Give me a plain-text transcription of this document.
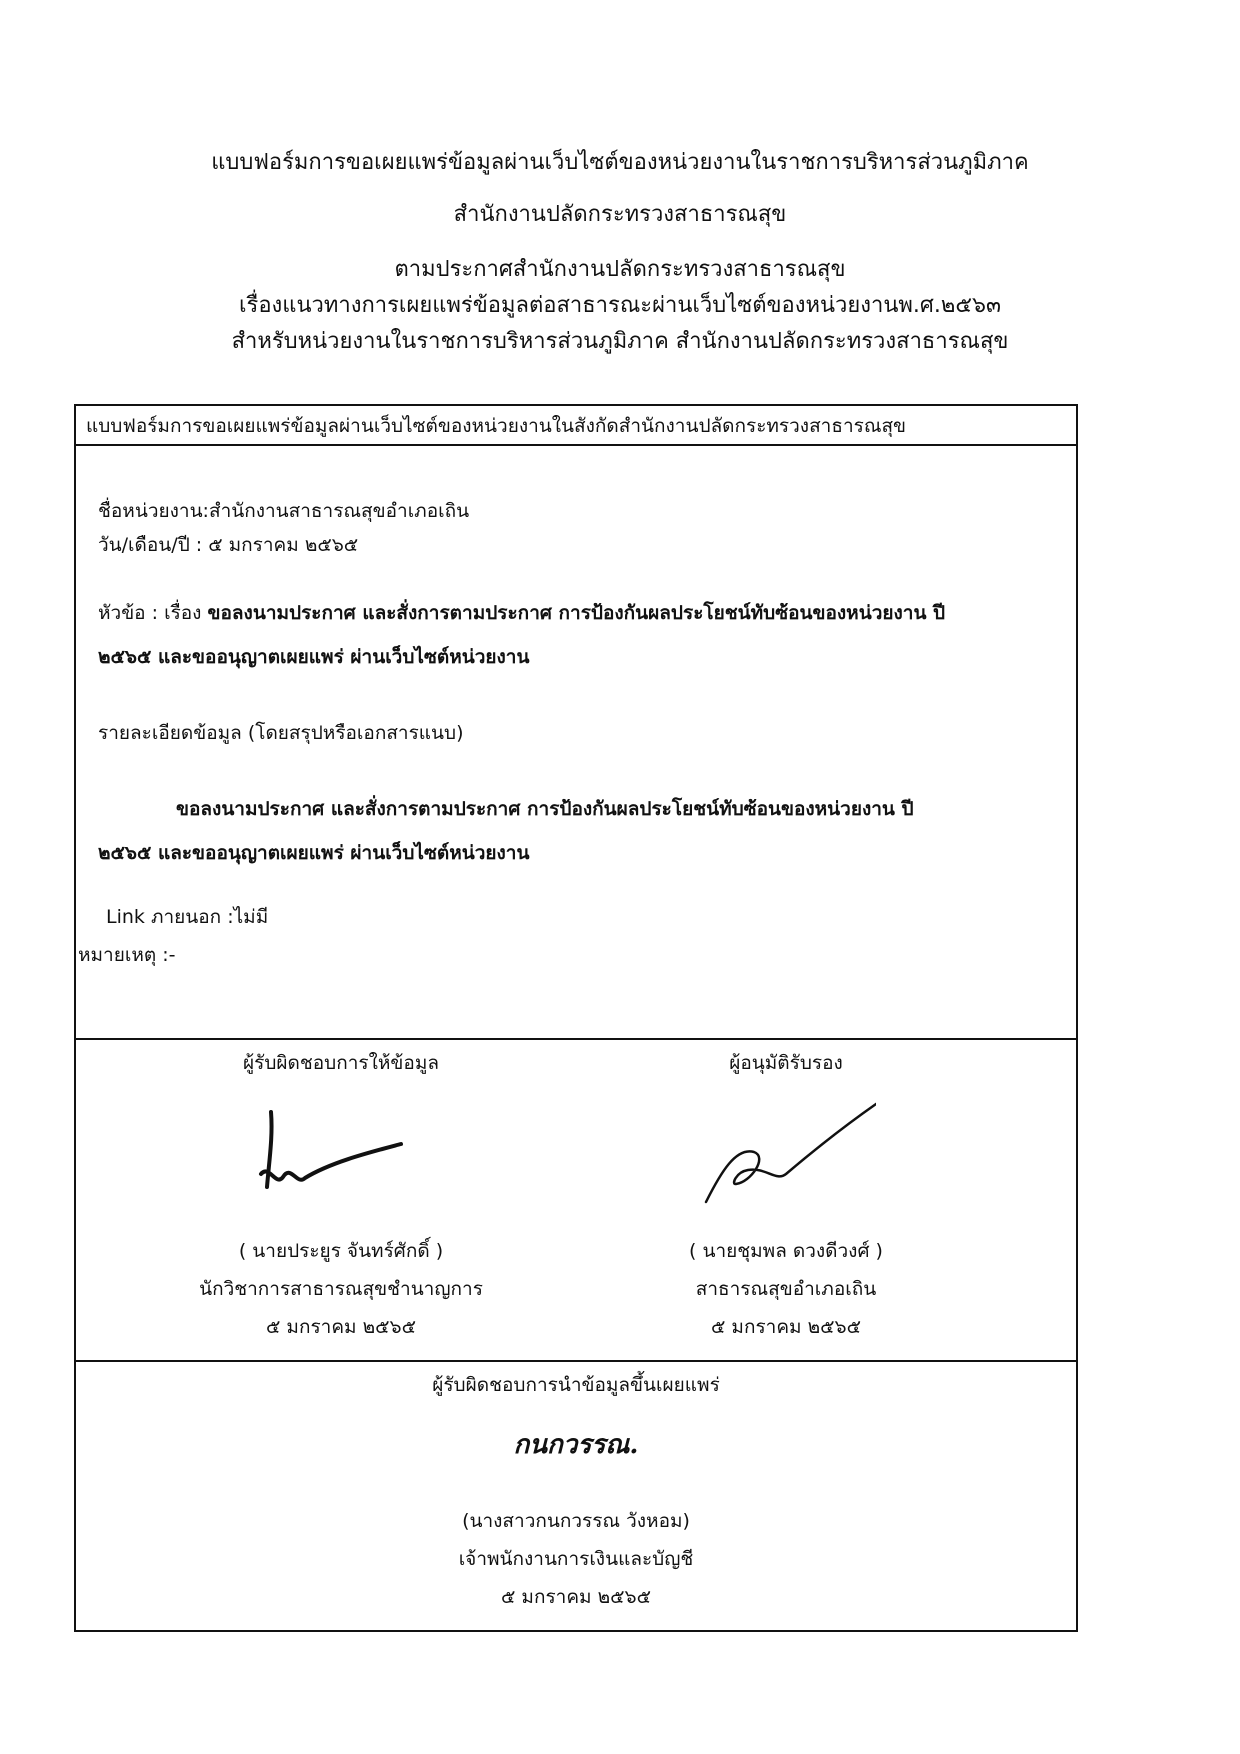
แบบฟอร์มการขอเผยแพร่ข้อมูลผ่านเว็บไซต์ของหน่วยงานในราชการบริหารส่วนภูมิภาค
สำนักงานปลัดกระทรวงสาธารณสุข
ตามประกาศสำนักงานปลัดกระทรวงสาธารณสุข
เรื่องแนวทางการเผยแพร่ข้อมูลต่อสาธารณะผ่านเว็บไซต์ของหน่วยงานพ.ศ.๒๕๖๓
สำหรับหน่วยงานในราชการบริหารส่วนภูมิภาค สำนักงานปลัดกระทรวงสาธารณสุข
แบบฟอร์มการขอเผยแพร่ข้อมูลผ่านเว็บไซต์ของหน่วยงานในสังกัดสำนักงานปลัดกระทรวงสาธารณสุข
ชื่อหน่วยงาน:สำนักงานสาธารณสุขอำเภอเถิน
วัน/เดือน/ปี : ๕ มกราคม ๒๕๖๕
หัวข้อ : เรื่อง ขอลงนามประกาศ และสั่งการตามประกาศ การป้องกันผลประโยชน์ทับซ้อนของหน่วยงาน ปี
๒๕๖๕ และขออนุญาตเผยแพร่ ผ่านเว็บไซต์หน่วยงาน
รายละเอียดข้อมูล (โดยสรุปหรือเอกสารแนบ)
ขอลงนามประกาศ และสั่งการตามประกาศ การป้องกันผลประโยชน์ทับซ้อนของหน่วยงาน ปี
๒๕๖๕ และขออนุญาตเผยแพร่ ผ่านเว็บไซต์หน่วยงาน
Link ภายนอก :ไม่มี
หมายเหตุ :-
ผู้รับผิดชอบการให้ข้อมูล
( นายประยูร จันทร์ศักดิ์ )
นักวิชาการสาธารณสุขชำนาญการ
๕ มกราคม ๒๕๖๕
ผู้อนุมัติรับรอง
( นายชุมพล ดวงดีวงศ์ )
สาธารณสุขอำเภอเถิน
๕ มกราคม ๒๕๖๕
ผู้รับผิดชอบการนำข้อมูลขึ้นเผยแพร่
กนกวรรณ.
(นางสาวกนกวรรณ วังหอม)
เจ้าพนักงานการเงินและบัญชี
๕ มกราคม ๒๕๖๕
